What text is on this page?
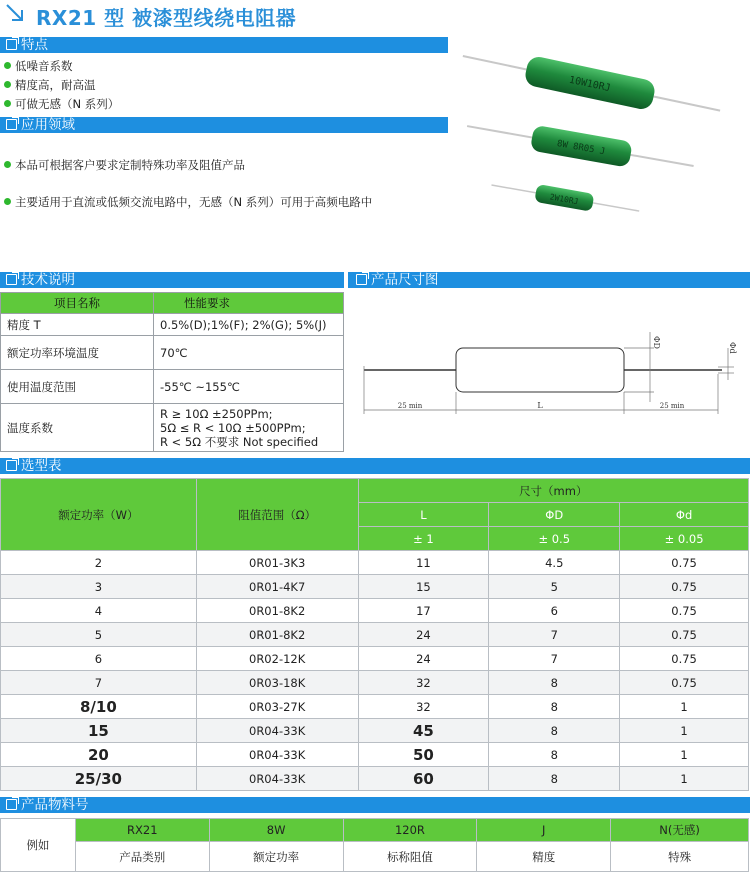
RX21 型 被漆型线绕电阻器
特点
低噪音系数
精度高，耐高温
可做无感（N 系列）
应用领域
本品可根据客户要求定制特殊功率及阻值产品
主要适用于直流或低频交流电路中，无感（N 系列）可用于高频电路中
10W10RJ
8W 8R05 J
2W10RJ
技术说明	产品尺寸图
项目名称	性能要求
精度 T	0.5%(D);1%(F); 2%(G); 5%(J)
额定功率环境温度	70℃
使用温度范围	-55℃ ~155℃
温度系数	R ≥ 10Ω ±250PPm;
5Ω ≤ R < 10Ω ±500PPm;
R < 5Ω 不要求 Not specified
25 min	L	25 min
ΦD	Φd
选型表
额定功率（W）	阻值范围（Ω）	尺寸（mm）		
		L	ΦD	Φd
		± 1	± 0.5	± 0.05
2	0R01-3K3	11	4.5	0.75
3	0R01-4K7	15	5	0.75
4	0R01-8K2	17	6	0.75
5	0R01-8K2	24	7	0.75
6	0R02-12K	24	7	0.75
7	0R03-18K	32	8	0.75
8/10	0R03-27K	32	8	1
15	0R04-33K	45	8	1
20	0R04-33K	50	8	1
25/30	0R04-33K	60	8	1
产品物料号
例如	RX21	8W	120R	J	N(无感)
	产品类别	额定功率	标称阻值	精度	特殊
